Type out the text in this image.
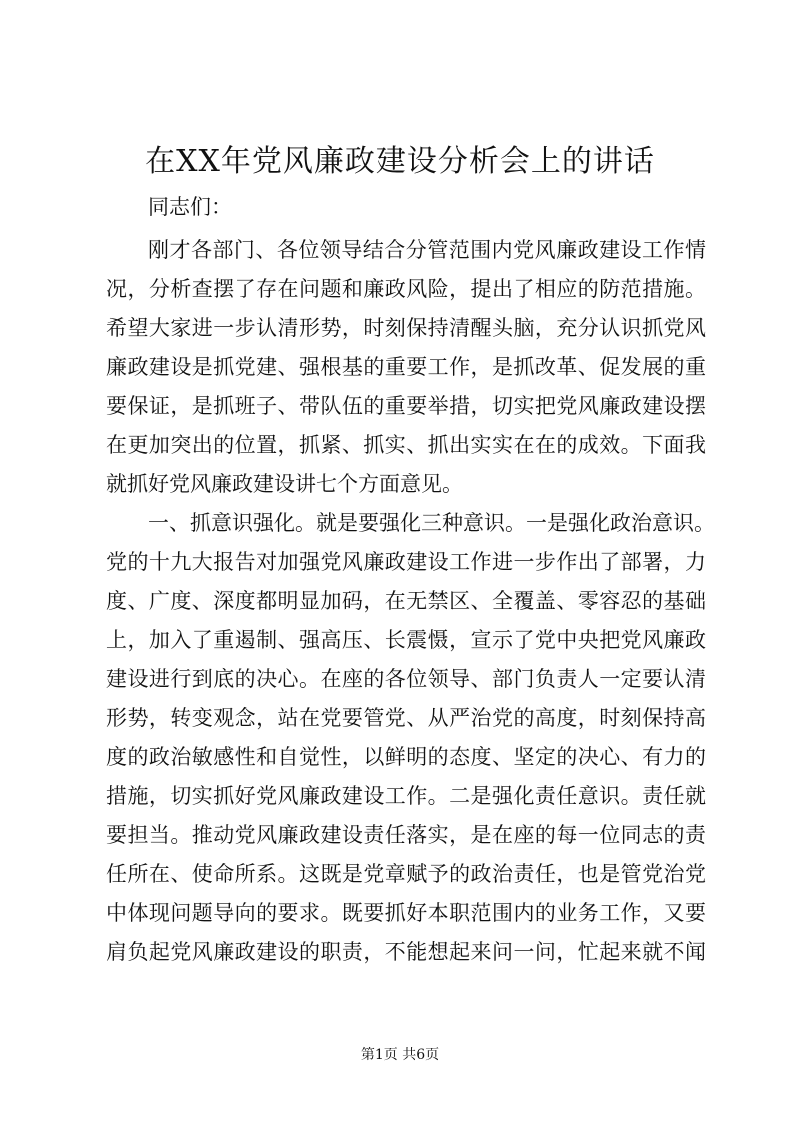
在XX年党风廉政建设分析会上的讲话

同志们：

刚才各部门、各位领导结合分管范围内党风廉政建设工作情

况，分析查摆了存在问题和廉政风险，提出了相应的防范措施。

希望大家进一步认清形势，时刻保持清醒头脑，充分认识抓党风

廉政建设是抓党建、强根基的重要工作，是抓改革、促发展的重

要保证，是抓班子、带队伍的重要举措，切实把党风廉政建设摆

在更加突出的位置，抓紧、抓实、抓出实实在在的成效。下面我

就抓好党风廉政建设讲七个方面意见。

一、抓意识强化。就是要强化三种意识。一是强化政治意识。

党的十九大报告对加强党风廉政建设工作进一步作出了部署，力

度、广度、深度都明显加码，在无禁区、全覆盖、零容忍的基础

上，加入了重遏制、强高压、长震慑，宣示了党中央把党风廉政

建设进行到底的决心。在座的各位领导、部门负责人一定要认清

形势，转变观念，站在党要管党、从严治党的高度，时刻保持高

度的政治敏感性和自觉性，以鲜明的态度、坚定的决心、有力的

措施，切实抓好党风廉政建设工作。二是强化责任意识。责任就

要担当。推动党风廉政建设责任落实，是在座的每一位同志的责

任所在、使命所系。这既是党章赋予的政治责任，也是管党治党

中体现问题导向的要求。既要抓好本职范围内的业务工作，又要

肩负起党风廉政建设的职责，不能想起来问一问，忙起来就不闻

第1页 共6页
